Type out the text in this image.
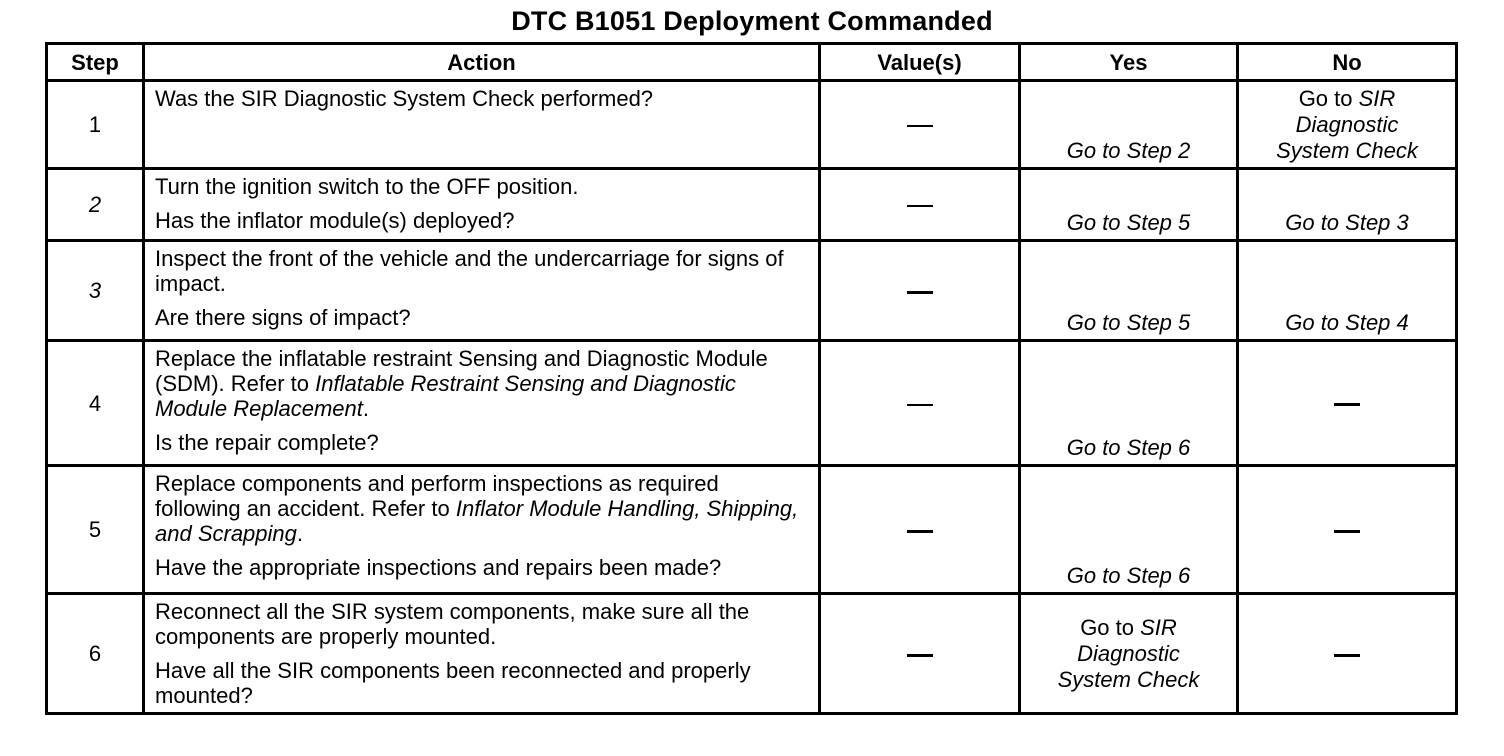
DTC B1051 Deployment Commanded
Step	Action	Value(s)	Yes	No
1	Was the SIR Diagnostic System Check performed?		Go to Step 2	Go to SIR
Diagnostic
System Check

2	Turn the ignition switch to the OFF position.
Has the inflator module(s) deployed?		Go to Step 5	Go to Step 3
3	Inspect the front of the vehicle and the undercarriage for signs of impact.
Are there signs of impact?		Go to Step 5	Go to Step 4
4	Replace the inflatable restraint Sensing and Diagnostic Module (SDM). Refer to Inflatable Restraint Sensing and Diagnostic Module Replacement.
Is the repair complete?		Go to Step 6	
5	Replace components and perform inspections as required following an accident. Refer to Inflator Module Handling, Shipping, and Scrapping.
Have the appropriate inspections and repairs been made?		Go to Step 6	
6	Reconnect all the SIR system components, make sure all the components are properly mounted.
Have all the SIR components been reconnected and properly mounted?		Go to SIR
Diagnostic
System Check	
